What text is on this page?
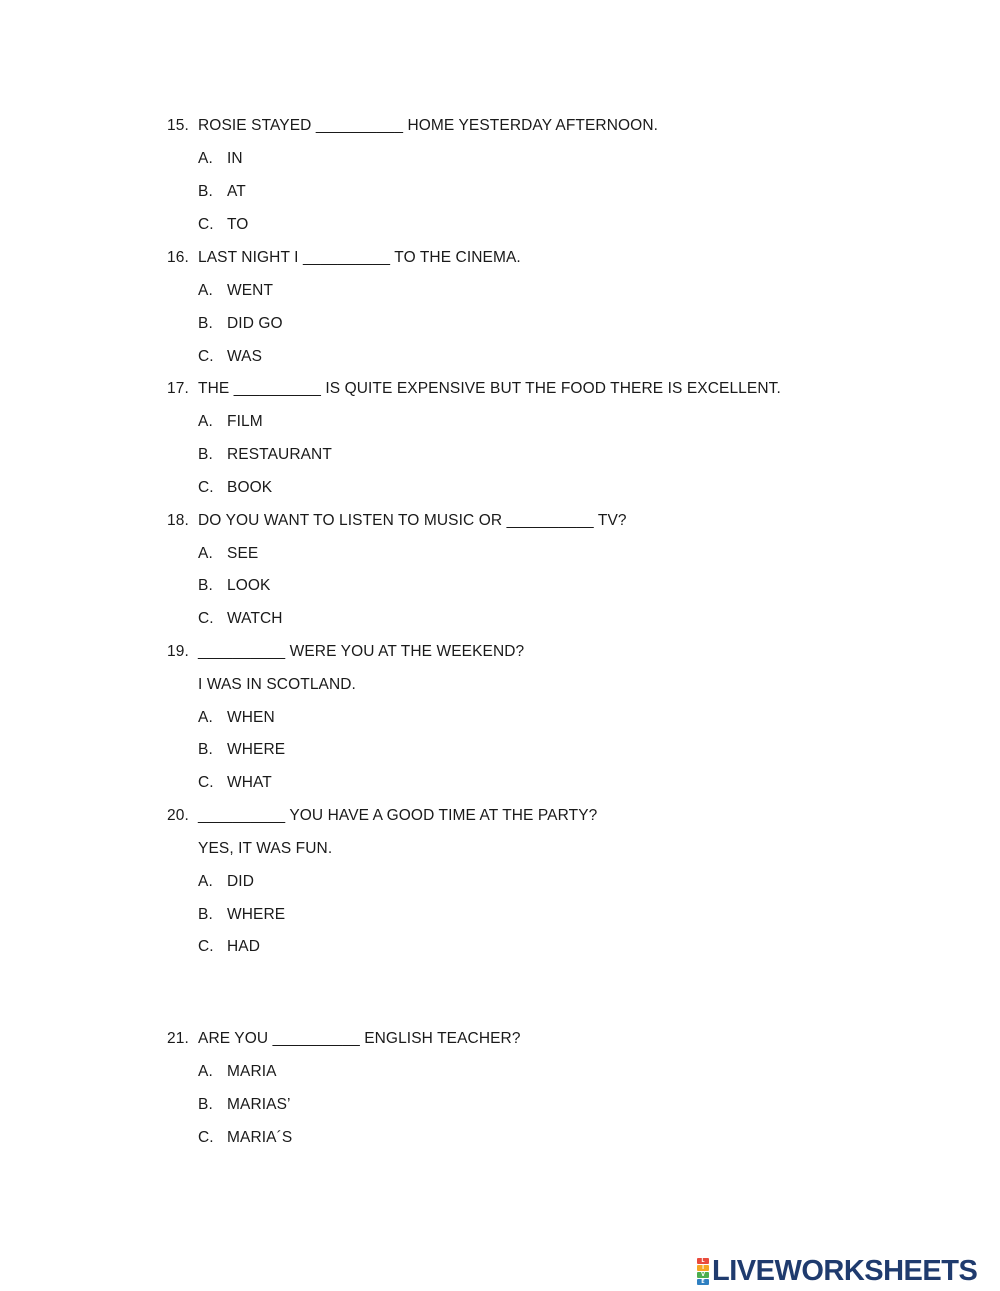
15. ROSIE STAYED __________ HOME YESTERDAY AFTERNOON.
A. IN
B. AT
C. TO
16. LAST NIGHT I __________ TO THE CINEMA.
A. WENT
B. DID GO
C. WAS
17. THE __________ IS QUITE EXPENSIVE BUT THE FOOD THERE IS EXCELLENT.
A. FILM
B. RESTAURANT
C. BOOK
18. DO YOU WANT TO LISTEN TO MUSIC OR __________ TV?
A. SEE
B. LOOK
C. WATCH
19. __________ WERE YOU AT THE WEEKEND?
I WAS IN SCOTLAND.
A. WHEN
B. WHERE
C. WHAT
20. __________ YOU HAVE A GOOD TIME AT THE PARTY?
YES, IT WAS FUN.
A. DID
B. WHERE
C. HAD
21. ARE YOU __________ ENGLISH TEACHER?
A. MARIA
B. MARIAS’
C. MARIA´S
L
I
V
E LIVEWORKSHEETS
